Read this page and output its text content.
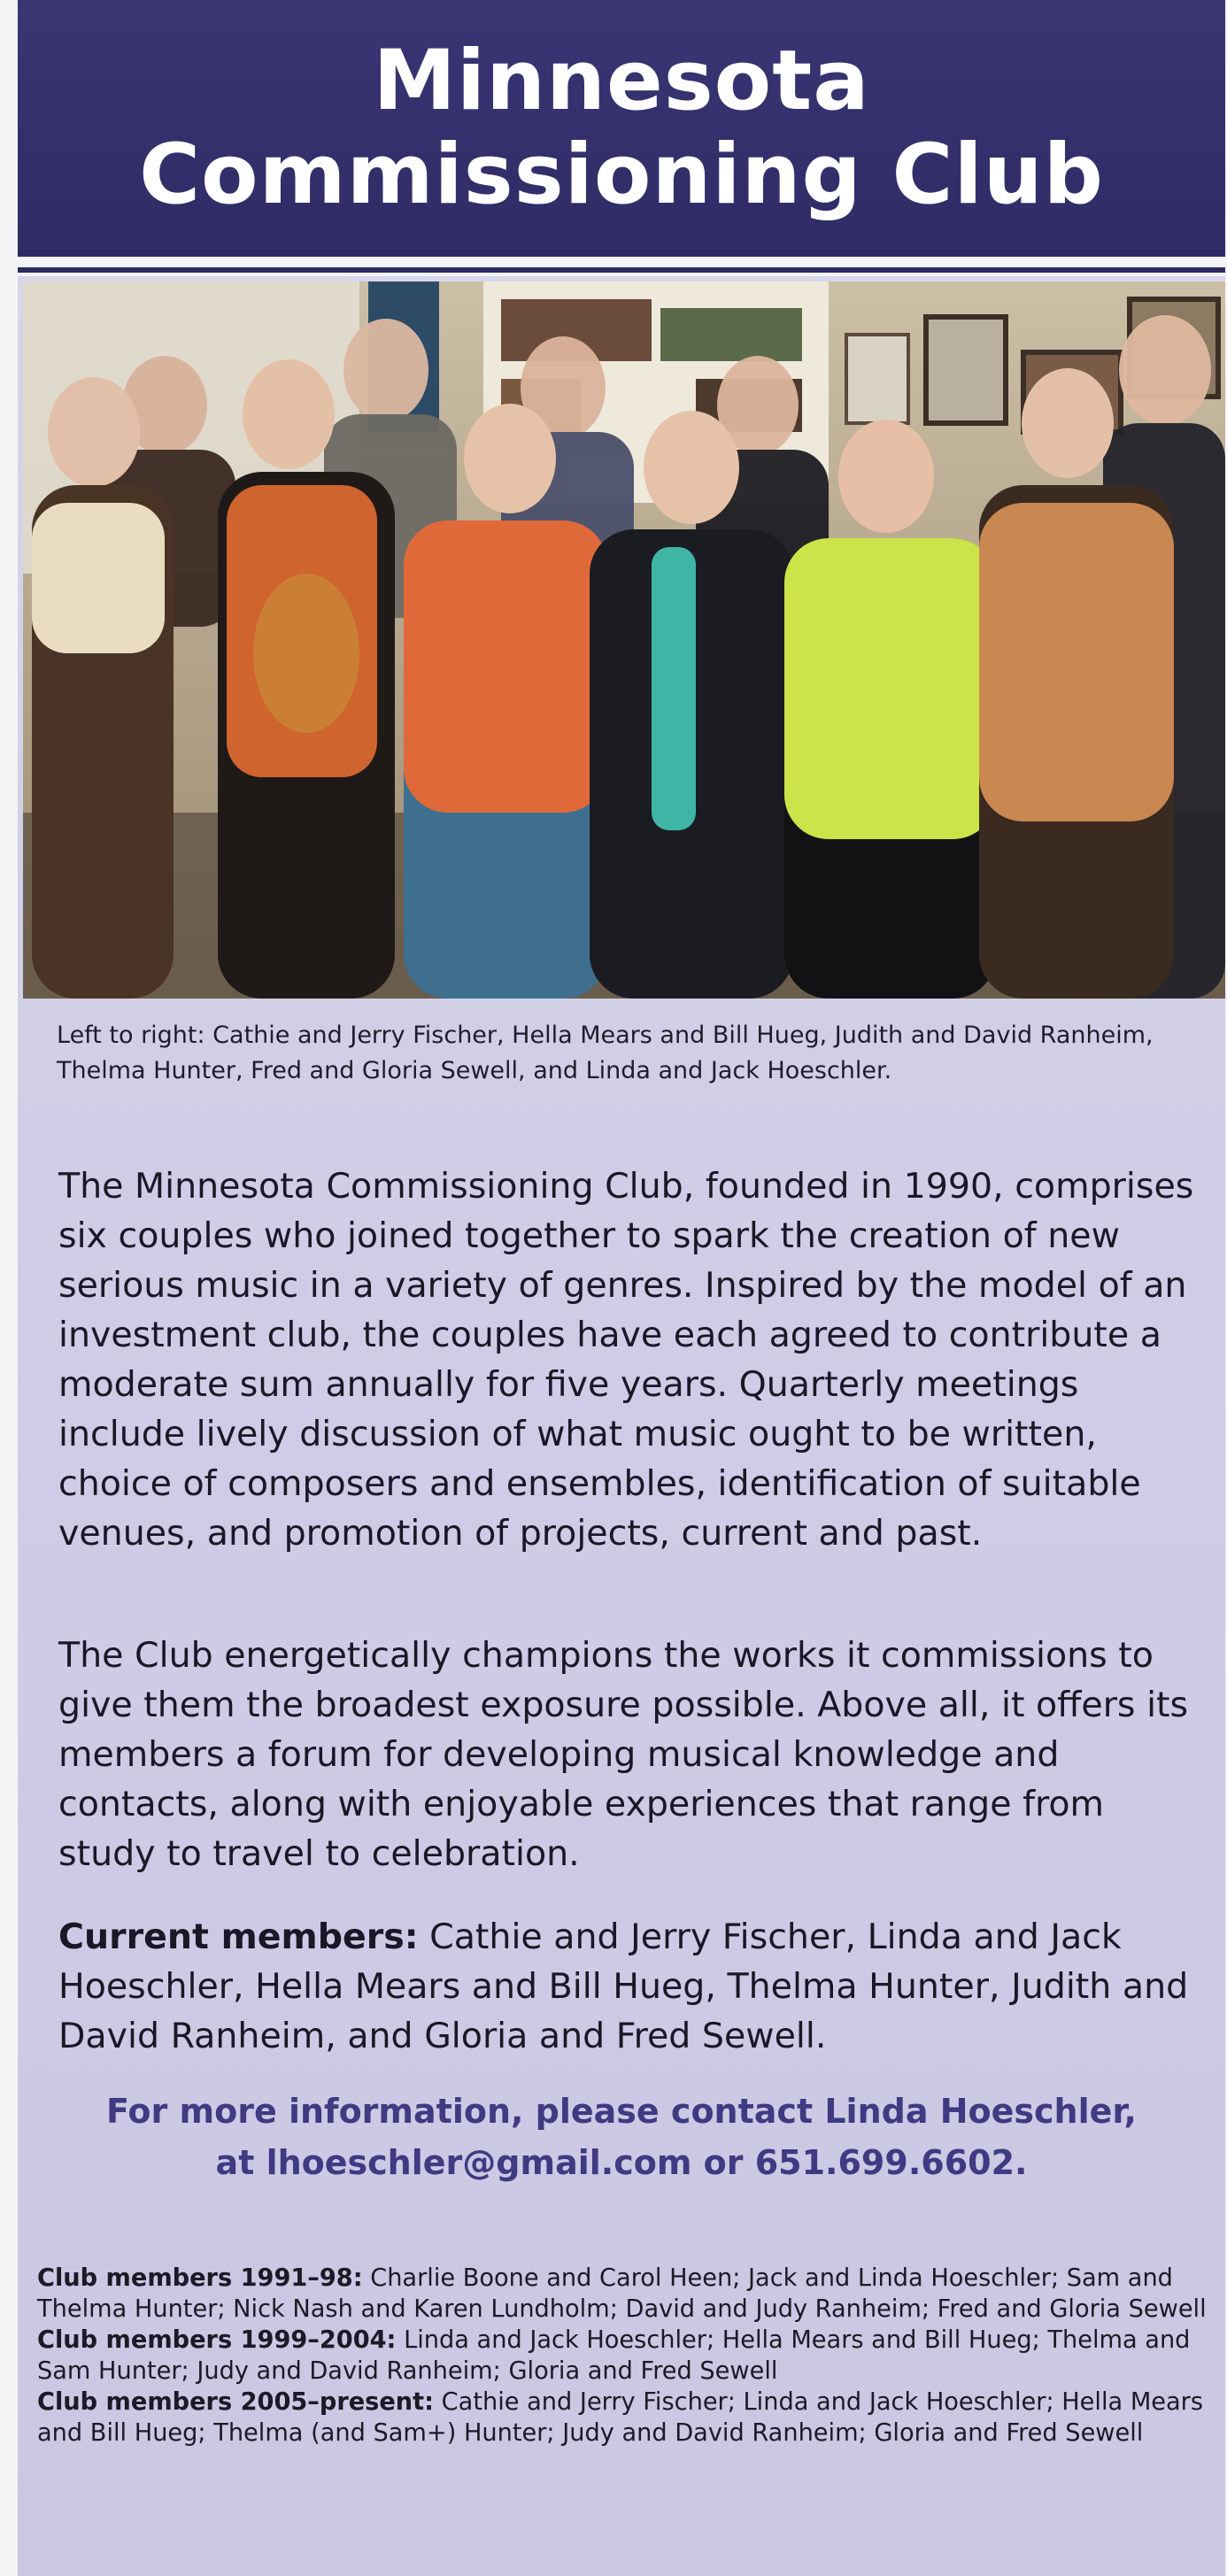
Minnesota
Commissioning Club
Left to right: Cathie and Jerry Fischer, Hella Mears and Bill Hueg, Judith and David Ranheim,
Thelma Hunter, Fred and Gloria Sewell, and Linda and Jack Hoeschler.
The Minnesota Commissioning Club, founded in 1990, comprises six couples who joined together to spark the creation of new serious music in a variety of genres. Inspired by the model of an investment club, the couples have each agreed to contribute a moderate sum annually for five years. Quarterly meetings include lively discussion of what music ought to be written, choice of composers and ensembles, identification of suitable venues, and promotion of projects, current and past.
The Club energetically champions the works it commissions to give them the broadest exposure possible. Above all, it offers its members a forum for developing musical knowledge and contacts, along with enjoyable experiences that range from study to travel to celebration.
Current members: Cathie and Jerry Fischer, Linda and Jack Hoeschler, Hella Mears and Bill Hueg, Thelma Hunter, Judith and David Ranheim, and Gloria and Fred Sewell.
For more information, please contact Linda Hoeschler,
at lhoeschler@gmail.com or 651.699.6602.

Club members 1991–98: Charlie Boone and Carol Heen; Jack and Linda Hoeschler; Sam and Thelma Hunter; Nick Nash and Karen Lundholm; David and Judy Ranheim; Fred and Gloria Sewell

Club members 1999–2004: Linda and Jack Hoeschler; Hella Mears and Bill Hueg; Thelma and Sam Hunter; Judy and David Ranheim; Gloria and Fred Sewell

Club members 2005–present: Cathie and Jerry Fischer; Linda and Jack Hoeschler; Hella Mears and Bill Hueg; Thelma (and Sam+) Hunter; Judy and David Ranheim; Gloria and Fred Sewell
